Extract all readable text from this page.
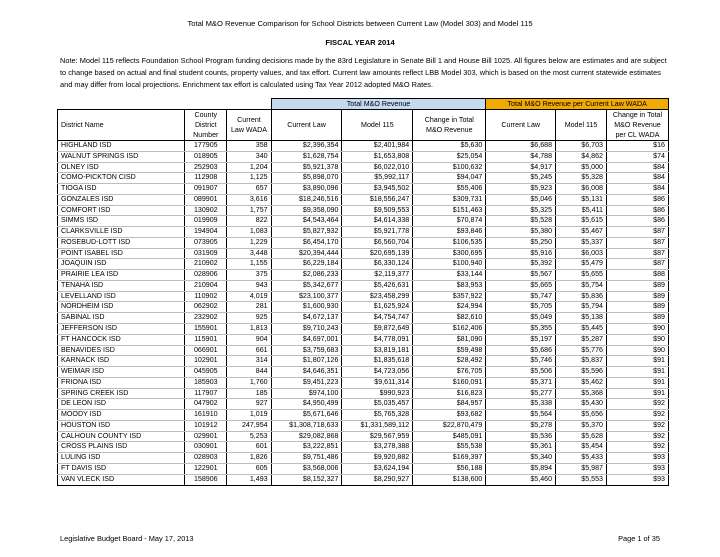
Total M&O Revenue Comparison for School Districts between Current Law (Model 303) and Model 115
FISCAL YEAR 2014
Note: Model 115 reflects Foundation School Program funding decisions made by the 83rd Legislature in Senate Bill 1 and House Bill 1025. All figures below are estimates and are subject to change based on actual and final student counts, property values, and tax effort. Current law amounts reflect LBB Model 303, which is based on the most current statewide estimates and may differ from local projections. Enrichment tax effort is calculated using Tax Year 2012 adopted M&O Rates.
			Total M&O Revenue			Total M&O Revenue per Current Law WADA		
District Name	County District Number	Current Law WADA	Current Law	Model 115	Change in Total M&O Revenue	Current Law	Model 115	Change in Total M&O Revenue per CL WADA
HIGHLAND ISD	177905	358	$2,396,354	$2,401,984	$5,630	$6,688	$6,703	$16
WALNUT SPRINGS ISD	018905	340	$1,628,754	$1,653,808	$25,054	$4,788	$4,862	$74
OLNEY ISD	252903	1,204	$5,921,378	$6,022,010	$100,632	$4,917	$5,000	$84
COMO-PICKTON CISD	112908	1,125	$5,898,070	$5,992,117	$94,047	$5,245	$5,328	$84
TIOGA ISD	091907	657	$3,890,096	$3,945,502	$55,406	$5,923	$6,008	$84
GONZALES ISD	089901	3,616	$18,246,516	$18,556,247	$309,731	$5,046	$5,131	$86
COMFORT ISD	130902	1,757	$9,358,090	$9,509,553	$151,463	$5,325	$5,411	$86
SIMMS ISD	019909	822	$4,543,464	$4,614,338	$70,874	$5,528	$5,615	$86
CLARKSVILLE ISD	194904	1,083	$5,827,932	$5,921,778	$93,846	$5,380	$5,467	$87
ROSEBUD-LOTT ISD	073905	1,229	$6,454,170	$6,560,704	$106,535	$5,250	$5,337	$87
POINT ISABEL ISD	031909	3,448	$20,394,444	$20,695,139	$300,695	$5,916	$6,003	$87
JOAQUIN ISD	210902	1,155	$6,229,184	$6,330,124	$100,940	$5,392	$5,479	$87
PRAIRIE LEA ISD	028906	375	$2,086,233	$2,119,377	$33,144	$5,567	$5,655	$88
TENAHA ISD	210904	943	$5,342,677	$5,426,631	$83,953	$5,665	$5,754	$89
LEVELLAND ISD	110902	4,019	$23,100,377	$23,458,299	$357,922	$5,747	$5,836	$89
NORDHEIM ISD	062902	281	$1,600,930	$1,625,924	$24,994	$5,705	$5,794	$89
SABINAL ISD	232902	925	$4,672,137	$4,754,747	$82,610	$5,049	$5,138	$89
JEFFERSON ISD	155901	1,813	$9,710,243	$9,872,649	$162,406	$5,355	$5,445	$90
FT HANCOCK ISD	115901	904	$4,697,001	$4,778,091	$81,090	$5,197	$5,287	$90
BENAVIDES ISD	066901	661	$3,759,683	$3,819,181	$59,498	$5,686	$5,776	$90
KARNACK ISD	102901	314	$1,807,126	$1,835,618	$28,492	$5,746	$5,837	$91
WEIMAR ISD	045905	844	$4,646,351	$4,723,056	$76,705	$5,506	$5,596	$91
FRIONA ISD	185903	1,760	$9,451,223	$9,611,314	$160,091	$5,371	$5,462	$91
SPRING CREEK ISD	117907	185	$974,100	$990,923	$16,823	$5,277	$5,368	$91
DE LEON ISD	047902	927	$4,950,499	$5,035,457	$84,957	$5,338	$5,430	$92
MOODY ISD	161910	1,019	$5,671,646	$5,765,328	$93,682	$5,564	$5,656	$92
HOUSTON ISD	101912	247,954	$1,308,718,633	$1,331,589,112	$22,870,479	$5,278	$5,370	$92
CALHOUN COUNTY ISD	029901	5,253	$29,082,868	$29,567,959	$485,091	$5,536	$5,628	$92
CROSS PLAINS ISD	030901	601	$3,222,851	$3,278,388	$55,538	$5,361	$5,454	$92
LULING ISD	028903	1,826	$9,751,486	$9,920,882	$169,397	$5,340	$5,433	$93
FT DAVIS ISD	122901	605	$3,568,006	$3,624,194	$56,188	$5,894	$5,987	$93
VAN VLECK ISD	158906	1,493	$8,152,327	$8,290,927	$138,600	$5,460	$5,553	$93
Legislative Budget Board - May 17, 2013	Page 1 of 35
